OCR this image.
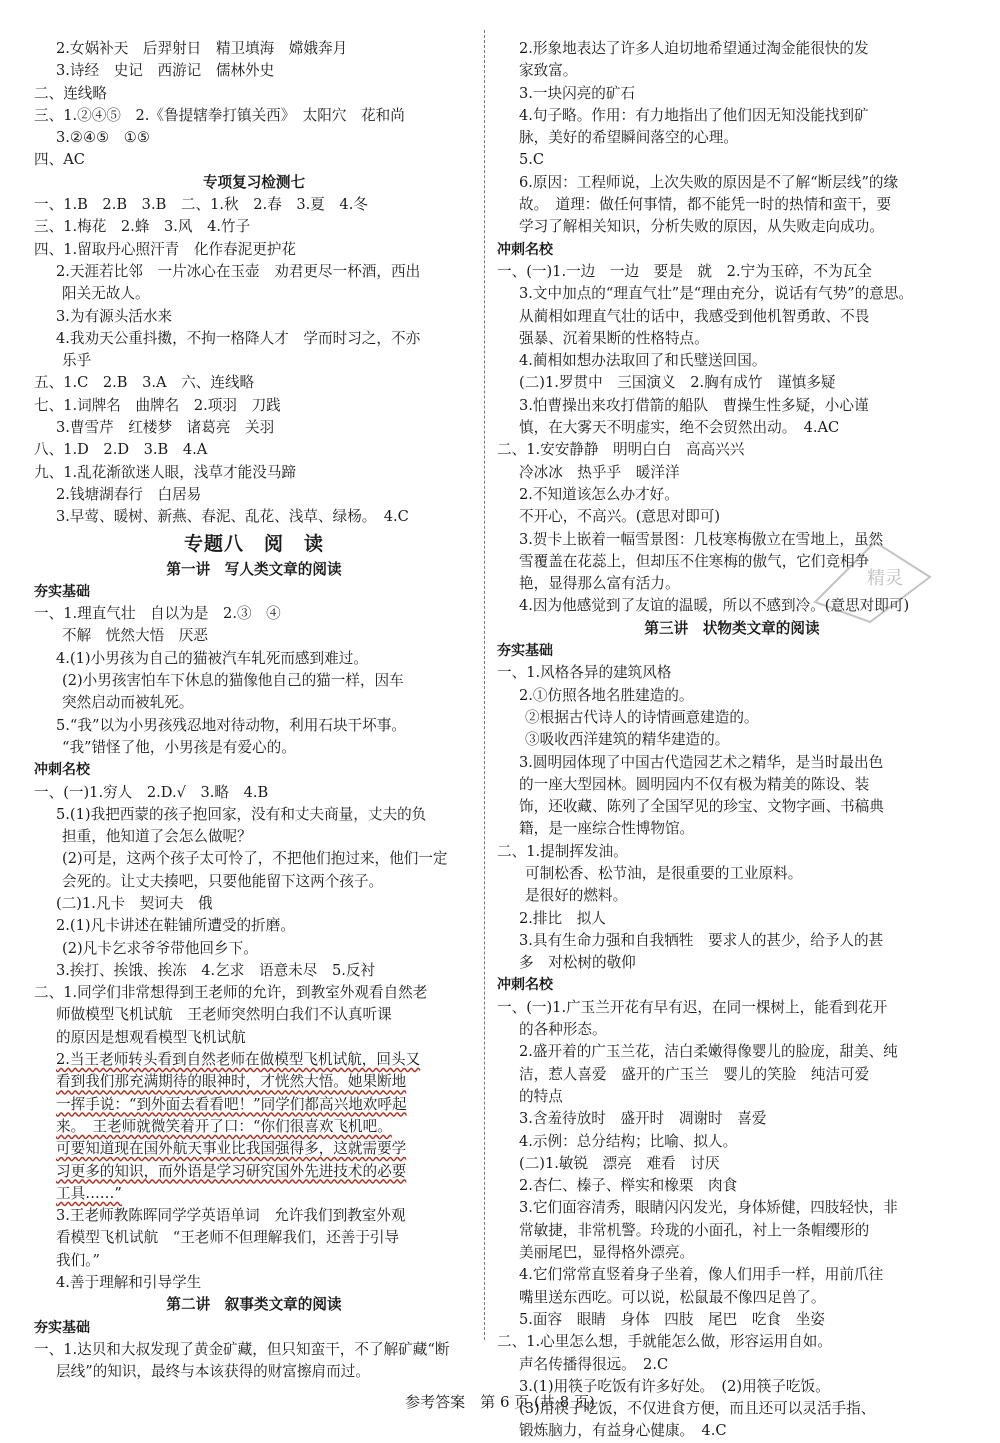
2.女娲补天　后羿射日　精卫填海　嫦娥奔月
3.诗经　史记　西游记　儒林外史
二、连线略
三、1.②④⑤　2.《鲁提辖拳打镇关西》　太阳穴　花和尚
3.②④⑤　①⑤
四、AC
专项复习检测七
一、1.B　2.B　3.B　二、1.秋　2.春　3.夏　4.冬
三、1.梅花　2.蜂　3.风　4.竹子
四、1.留取丹心照汗青　化作春泥更护花
2.天涯若比邻　一片冰心在玉壶　劝君更尽一杯酒，西出
阳关无故人。
3.为有源头活水来
4.我劝天公重抖擞，不拘一格降人才　学而时习之，不亦
乐乎
五、1.C　2.B　3.A　六、连线略
七、1.词牌名　曲牌名　2.项羽　刀践
3.曹雪芹　红楼梦　诸葛亮　关羽
八、1.D　2.D　3.B　4.A
九、1.乱花渐欲迷人眼，浅草才能没马蹄
2.钱塘湖春行　白居易
3.早莺、暖树、新燕、春泥、乱花、浅草、绿杨。　4.C
专题八　阅　读
第一讲　写人类文章的阅读
夯实基础
一、1.理直气壮　自以为是　2.③　④
不解　恍然大悟　厌恶
4.(1)小男孩为自己的猫被汽车轧死而感到难过。
(2)小男孩害怕车下休息的猫像他自己的猫一样，因车
突然启动而被轧死。
5.“我”以为小男孩残忍地对待动物，利用石块干坏事。
“我”错怪了他，小男孩是有爱心的。
冲刺名校
一、(一)1.穷人　2.D.√　3.略　4.B
5.(1)我把西蒙的孩子抱回家，没有和丈夫商量，丈夫的负
担重，他知道了会怎么做呢？
(2)可是，这两个孩子太可怜了，不把他们抱过来，他们一定
会死的。让丈夫揍吧，只要他能留下这两个孩子。
(二)1.凡卡　契诃夫　俄
2.(1)凡卡讲述在鞋铺所遭受的折磨。
(2)凡卡乞求爷爷带他回乡下。
3.挨打、挨饿、挨冻　4.乞求　语意未尽　5.反衬
二、1.同学们非常想得到王老师的允许，到教室外观看自然老
师做模型飞机试航　王老师突然明白我们不认真听课
的原因是想观看模型飞机试航
2.当王老师转头看到自然老师在做模型飞机试航，回头又
看到我们那充满期待的眼神时，才恍然大悟。她果断地
一挥手说：“到外面去看看吧！”同学们都高兴地欢呼起
来。　王老师就微笑着开了口：“你们很喜欢飞机吧。
可要知道现在国外航天事业比我国强得多，这就需要学
习更多的知识，而外语是学习研究国外先进技术的必要
工具……”
3.王老师教陈晖同学学英语单词　允许我们到教室外观
看模型飞机试航　“王老师不但理解我们，还善于引导
我们。”
4.善于理解和引导学生
第二讲　叙事类文章的阅读
夯实基础
一、1.达贝和大叔发现了黄金矿藏，但只知蛮干，不了解矿藏“断
层线”的知识，最终与本该获得的财富擦肩而过。
2.形象地表达了许多人迫切地希望通过淘金能很快的发
家致富。
3.一块闪亮的矿石
4.句子略。作用：有力地指出了他们因无知没能找到矿
脉，美好的希望瞬间落空的心理。
5.C
6.原因：工程师说，上次失败的原因是不了解“断层线”的缘
故。　道理：做任何事情，都不能凭一时的热情和蛮干，要
学习了解相关知识，分析失败的原因，从失败走向成功。
冲刺名校
一、(一)1.一边　一边　要是　就　2.宁为玉碎，不为瓦全
3.文中加点的“理直气壮”是“理由充分，说话有气势”的意思。
从蔺相如理直气壮的话中，我感受到他机智勇敢、不畏
强暴、沉着果断的性格特点。
4.蔺相如想办法取回了和氏璧送回国。
(二)1.罗贯中　三国演义　2.胸有成竹　谨慎多疑
3.怕曹操出来攻打借箭的船队　曹操生性多疑，小心谨
慎，在大雾天不明虚实，绝不会贸然出动。　4.AC
二、1.安安静静　明明白白　高高兴兴
冷冰冰　热乎乎　暖洋洋
2.不知道该怎么办才好。
不开心，不高兴。(意思对即可)
3.贺卡上嵌着一幅雪景图：几枝寒梅傲立在雪地上，虽然
雪覆盖在花蕊上，但却压不住寒梅的傲气，它们竞相争
艳，显得那么富有活力。
4.因为他感觉到了友谊的温暖，所以不感到冷。(意思对即可)
第三讲　状物类文章的阅读
夯实基础
一、1.风格各异的建筑风格
2.①仿照各地名胜建造的。
②根据古代诗人的诗情画意建造的。
③吸收西洋建筑的精华建造的。
3.圆明园体现了中国古代造园艺术之精华，是当时最出色
的一座大型园林。圆明园内不仅有极为精美的陈设、装
饰，还收藏、陈列了全国罕见的珍宝、文物字画、书稿典
籍，是一座综合性博物馆。
二、1.提制挥发油。
可制松香、松节油，是很重要的工业原料。
是很好的燃料。
2.排比　拟人
3.具有生命力强和自我牺牲　要求人的甚少，给予人的甚
多　对松树的敬仰
冲刺名校
一、(一)1.广玉兰开花有早有迟，在同一棵树上，能看到花开
的各种形态。
2.盛开着的广玉兰花，洁白柔嫩得像婴儿的脸庞，甜美、纯
洁，惹人喜爱　盛开的广玉兰　婴儿的笑脸　纯洁可爱
的特点
3.含羞待放时　盛开时　凋谢时　喜爱
4.示例：总分结构；比喻、拟人。
(二)1.敏锐　漂亮　难看　讨厌
2.杏仁、榛子、榉实和橡栗　肉食
3.它们面容清秀，眼睛闪闪发光，身体矫健，四肢轻快，非
常敏捷，非常机警。玲珑的小面孔，衬上一条帽缨形的
美丽尾巴，显得格外漂亮。
4.它们常常直竖着身子坐着，像人们用手一样，用前爪往
嘴里送东西吃。可以说，松鼠最不像四足兽了。
5.面容　眼睛　身体　四肢　尾巴　吃食　坐姿
二、1.心里怎么想，手就能怎么做，形容运用自如。
声名传播得很远。　2.C
3.(1)用筷子吃饭有许多好处。　(2)用筷子吃饭。
(3)用筷子吃饭，不仅进食方便，而且还可以灵活手指、
锻炼脑力，有益身心健康。　4.C
精灵
参考答案　第 6 页 (共 8 页)
